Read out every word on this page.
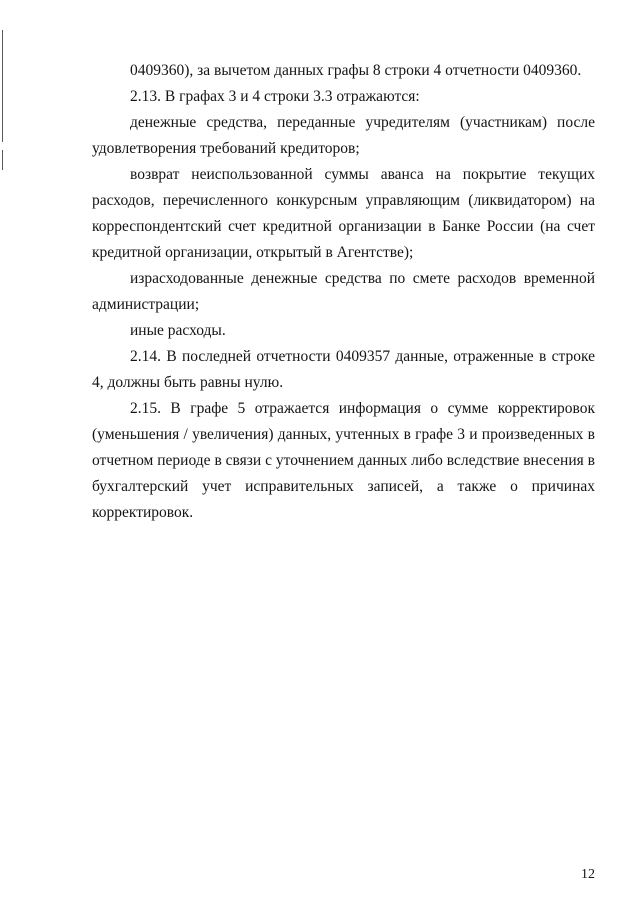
0409360), за вычетом данных графы 8 строки 4 отчетности 0409360.

2.13. В графах 3 и 4 строки 3.3 отражаются:

денежные средства, переданные учредителям (участникам) после удовлетворения требований кредиторов;

возврат неиспользованной суммы аванса на покрытие текущих расходов, перечисленного конкурсным управляющим (ликвидатором) на корреспондентский счет кредитной организации в Банке России (на счет кредитной организации, открытый в Агентстве);

израсходованные денежные средства по смете расходов временной администрации;

иные расходы.

2.14. В последней отчетности 0409357 данные, отраженные в строке 4, должны быть равны нулю.

2.15. В графе 5 отражается информация о сумме корректировок (уменьшения / увеличения) данных, учтенных в графе 3 и произведенных в отчетном периоде в связи с уточнением данных либо вследствие внесения в бухгалтерский учет исправительных записей, а также о причинах корректировок.

12
